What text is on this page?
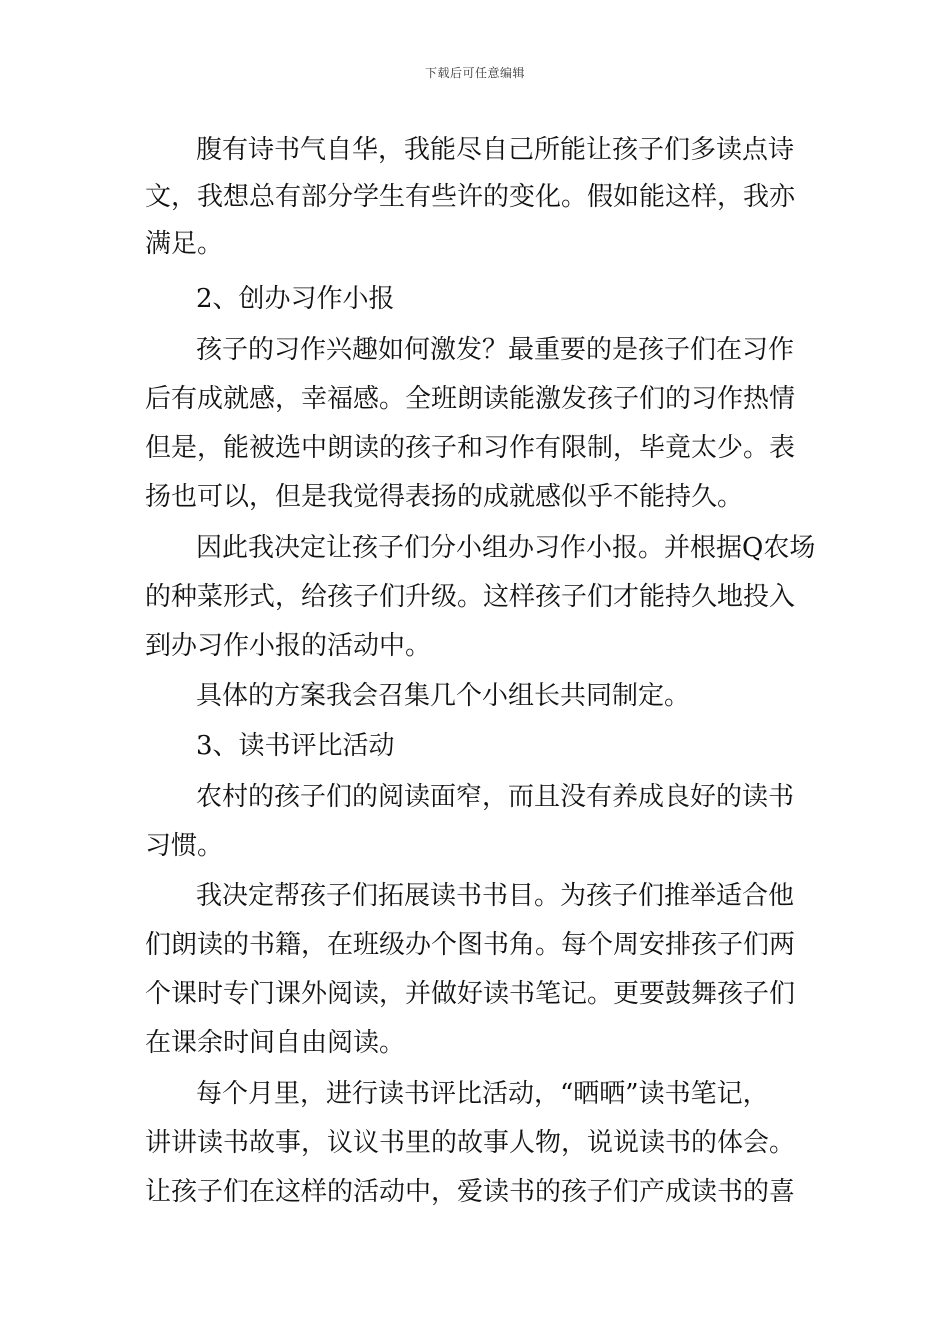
下载后可任意编辑
腹有诗书气自华，我能尽自己所能让孩子们多读点诗
文，我想总有部分学生有些许的变化。假如能这样，我亦
满足。
2、创办习作小报
孩子的习作兴趣如何激发？最重要的是孩子们在习作
后有成就感，幸福感。全班朗读能激发孩子们的习作热情
但是，能被选中朗读的孩子和习作有限制，毕竟太少。表
扬也可以，但是我觉得表扬的成就感似乎不能持久。
因此我决定让孩子们分小组办习作小报。并根据Q农场
的种菜形式，给孩子们升级。这样孩子们才能持久地投入
到办习作小报的活动中。
具体的方案我会召集几个小组长共同制定。
3、读书评比活动
农村的孩子们的阅读面窄，而且没有养成良好的读书
习惯。
我决定帮孩子们拓展读书书目。为孩子们推举适合他
们朗读的书籍，在班级办个图书角。每个周安排孩子们两
个课时专门课外阅读，并做好读书笔记。更要鼓舞孩子们
在课余时间自由阅读。
每个月里，进行读书评比活动，“晒晒”读书笔记，
讲讲读书故事，议议书里的故事人物，说说读书的体会。
让孩子们在这样的活动中，爱读书的孩子们产成读书的喜
